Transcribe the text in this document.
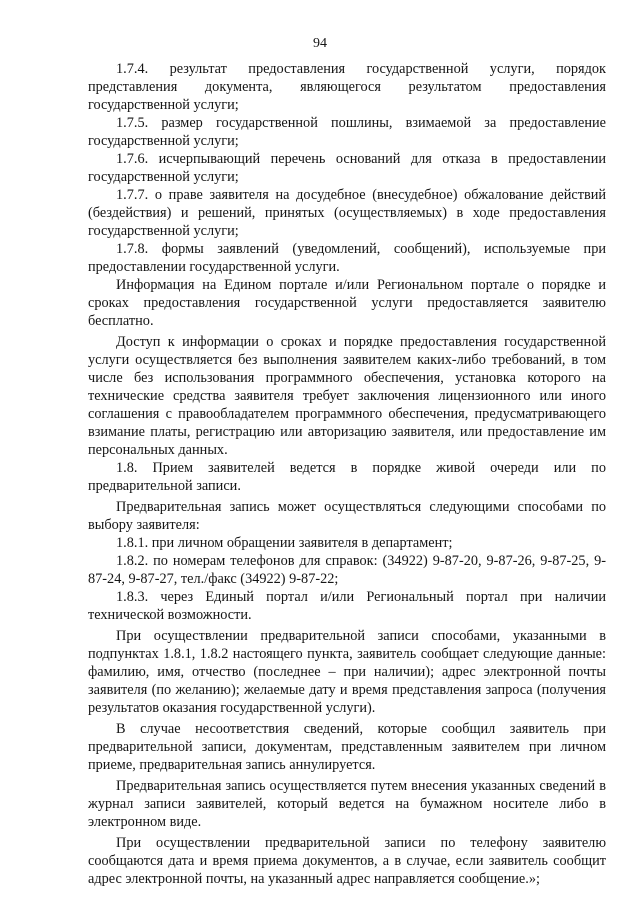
94

1.7.4. результат предоставления государственной услуги, порядок представления документа, являющегося результатом предоставления государственной услуги;

1.7.5. размер государственной пошлины, взимаемой за предоставление государственной услуги;

1.7.6. исчерпывающий перечень оснований для отказа в предоставлении государственной услуги;

1.7.7. о праве заявителя на досудебное (внесудебное) обжалование действий (бездействия) и решений, принятых (осуществляемых) в ходе предоставления государственной услуги;

1.7.8. формы заявлений (уведомлений, сообщений), используемые при предоставлении государственной услуги.

Информация на Едином портале и/или Региональном портале о порядке и сроках предоставления государственной услуги предоставляется заявителю бесплатно.

Доступ к информации о сроках и порядке предоставления государственной услуги осуществляется без выполнения заявителем каких-либо требований, в том числе без использования программного обеспечения, установка которого на технические средства заявителя требует заключения лицензионного или иного соглашения с правообладателем программного обеспечения, предусматривающего взимание платы, регистрацию или авторизацию заявителя, или предоставление им персональных данных.

1.8. Прием заявителей ведется в порядке живой очереди или по предварительной записи.

Предварительная запись может осуществляться следующими способами по выбору заявителя:

1.8.1. при личном обращении заявителя в департамент;

1.8.2. по номерам телефонов для справок: (34922) 9-87-20, 9-87-26, 9-87-25, 9-87-24, 9-87-27, тел./факс (34922) 9-87-22;

1.8.3. через Единый портал и/или Региональный портал при наличии технической возможности.

При осуществлении предварительной записи способами, указанными в подпунктах 1.8.1, 1.8.2 настоящего пункта, заявитель сообщает следующие данные: фамилию, имя, отчество (последнее – при наличии); адрес электронной почты заявителя (по желанию); желаемые дату и время представления запроса (получения результатов оказания государственной услуги).

В случае несоответствия сведений, которые сообщил заявитель при предварительной записи, документам, представленным заявителем при личном приеме, предварительная запись аннулируется.

Предварительная запись осуществляется путем внесения указанных сведений в журнал записи заявителей, который ведется на бумажном носителе либо в электронном виде.

При осуществлении предварительной записи по телефону заявителю сообщаются дата и время приема документов, а в случае, если заявитель сообщит адрес электронной почты, на указанный адрес направляется сообщение.»;
